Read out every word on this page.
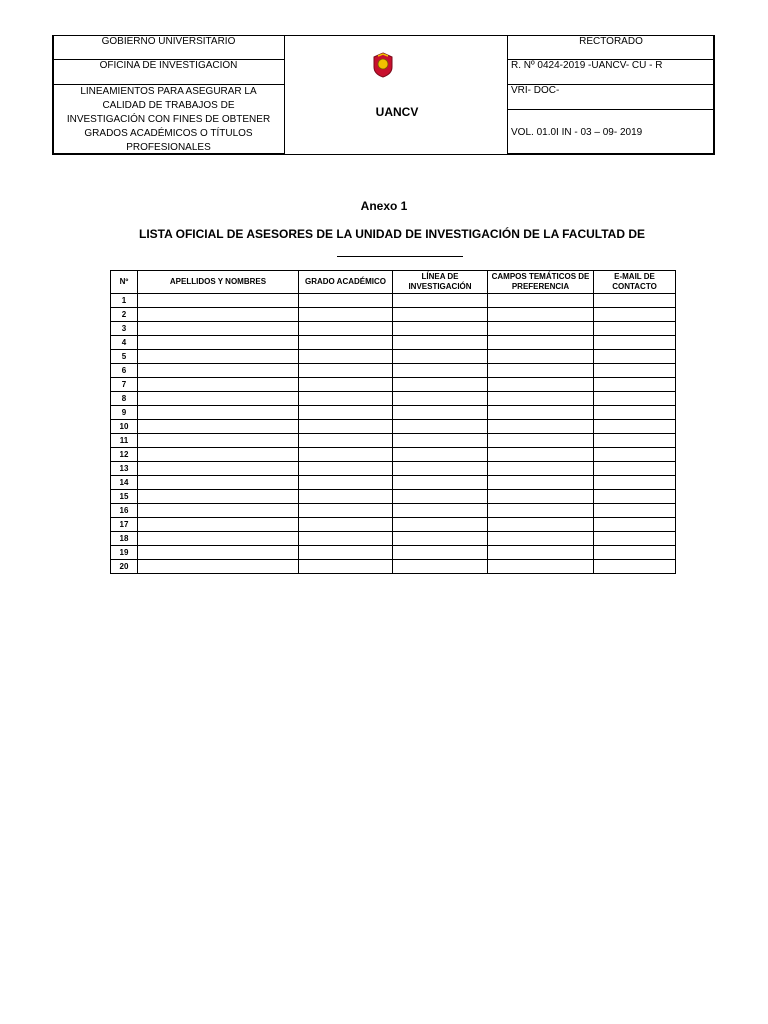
GOBIERNO UNIVERSITARIO
OFICINA DE INVESTIGACIÓN
LINEAMIENTOS PARA ASEGURAR LA CALIDAD DE TRABAJOS DE INVESTIGACIÓN CON FINES DE OBTENER GRADOS ACADÉMICOS O TÍTULOS PROFESIONALES
UANCV
RECTORADO
R. Nº 0424-2019 -UANCV- CU - R
VRI- DOC-
VOL. 01.0I IN - 03 – 09- 2019
Anexo 1
LISTA OFICIAL DE ASESORES DE LA UNIDAD DE INVESTIGACIÓN DE LA FACULTAD DE
Nº	APELLIDOS Y NOMBRES	GRADO ACADÉMICO	LÍNEA DE INVESTIGACIÓN	CAMPOS TEMÁTICOS DE PREFERENCIA	E-MAIL DE CONTACTO
1					
2					
3					
4					
5					
6					
7					
8					
9					
10					
11					
12					
13					
14					
15					
16					
17					
18					
19					
20					
